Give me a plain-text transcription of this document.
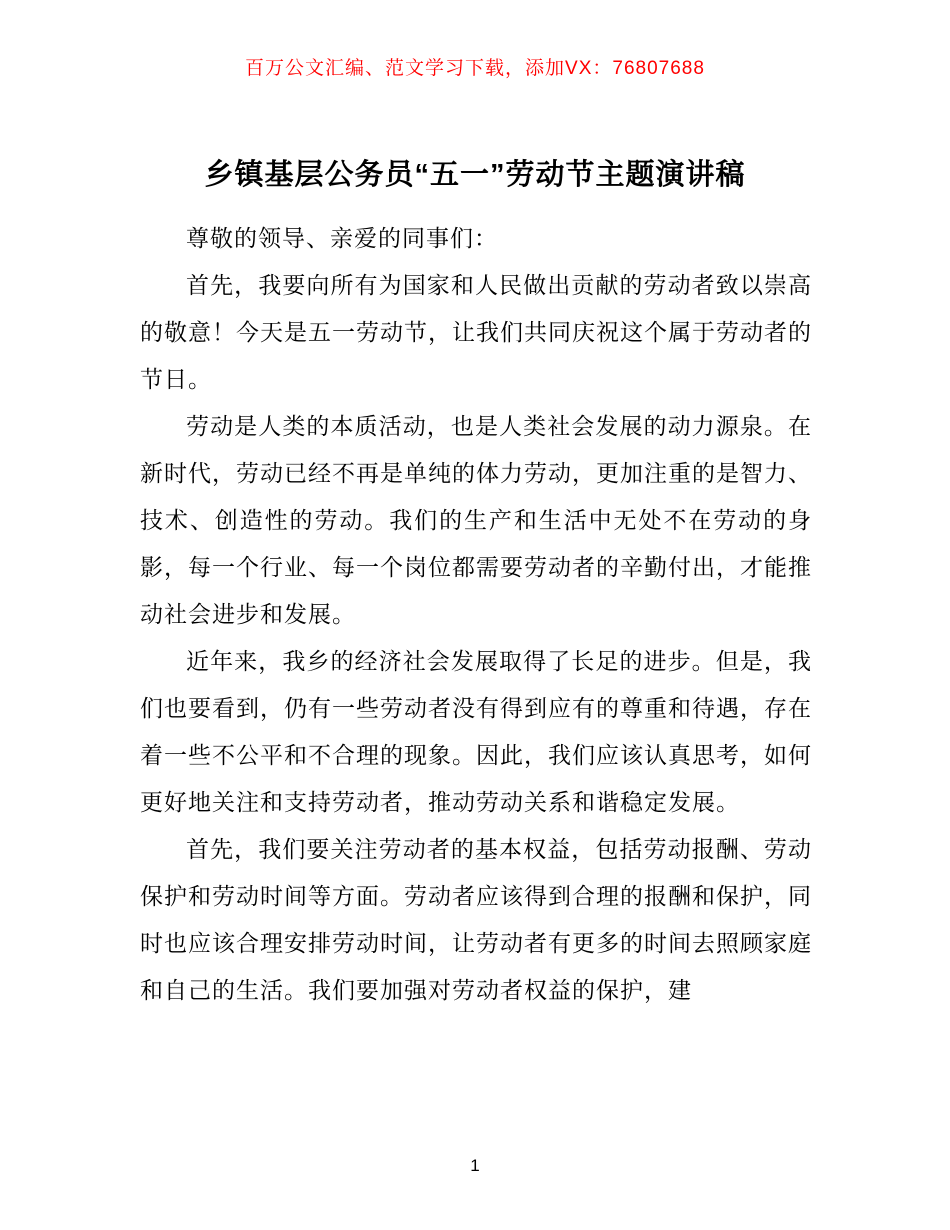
百万公文汇编、范文学习下载，添加VX：76807688
乡镇基层公务员“五一”劳动节主题演讲稿

尊敬的领导、亲爱的同事们：

首先，我要向所有为国家和人民做出贡献的劳动者致以崇高的敬意！今天是五一劳动节，让我们共同庆祝这个属于劳动者的节日。

劳动是人类的本质活动，也是人类社会发展的动力源泉。在新时代，劳动已经不再是单纯的体力劳动，更加注重的是智力、技术、创造性的劳动。我们的生产和生活中无处不在劳动的身影，每一个行业、每一个岗位都需要劳动者的辛勤付出，才能推动社会进步和发展。

近年来，我乡的经济社会发展取得了长足的进步。但是，我们也要看到，仍有一些劳动者没有得到应有的尊重和待遇，存在着一些不公平和不合理的现象。因此，我们应该认真思考，如何更好地关注和支持劳动者，推动劳动关系和谐稳定发展。

首先，我们要关注劳动者的基本权益，包括劳动报酬、劳动保护和劳动时间等方面。劳动者应该得到合理的报酬和保护，同时也应该合理安排劳动时间，让劳动者有更多的时间去照顾家庭和自己的生活。我们要加强对劳动者权益的保护，建

1
